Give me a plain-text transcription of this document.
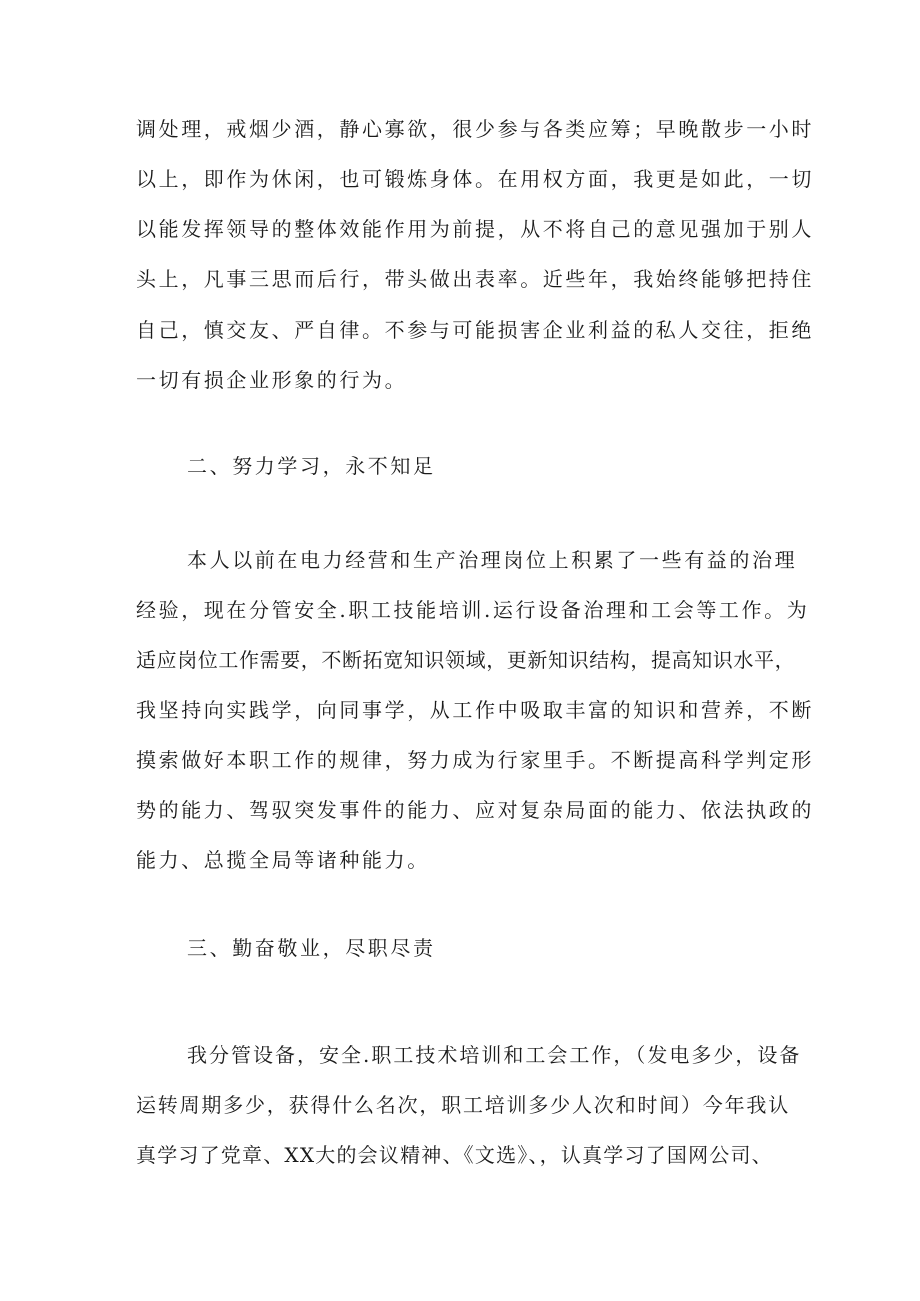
调处理，戒烟少酒，静心寡欲，很少参与各类应筹；早晚散步一小时
以上，即作为休闲，也可锻炼身体。在用权方面，我更是如此，一切
以能发挥领导的整体效能作用为前提，从不将自己的意见强加于别人
头上，凡事三思而后行，带头做出表率。近些年，我始终能够把持住
自己，慎交友、严自律。不参与可能损害企业利益的私人交往，拒绝
一切有损企业形象的行为。
二、努力学习，永不知足
本人以前在电力经营和生产治理岗位上积累了一些有益的治理
经验，现在分管安全.职工技能培训.运行设备治理和工会等工作。为
适应岗位工作需要，不断拓宽知识领域，更新知识结构，提高知识水平，
我坚持向实践学，向同事学，从工作中吸取丰富的知识和营养，不断
摸索做好本职工作的规律，努力成为行家里手。不断提高科学判定形
势的能力、驾驭突发事件的能力、应对复杂局面的能力、依法执政的
能力、总揽全局等诸种能力。
三、勤奋敬业，尽职尽责
我分管设备，安全.职工技术培训和工会工作，（发电多少，设备
运转周期多少，获得什么名次，职工培训多少人次和时间）今年我认
真学习了党章、XX大的会议精神、《文选》、，认真学习了国网公司、
